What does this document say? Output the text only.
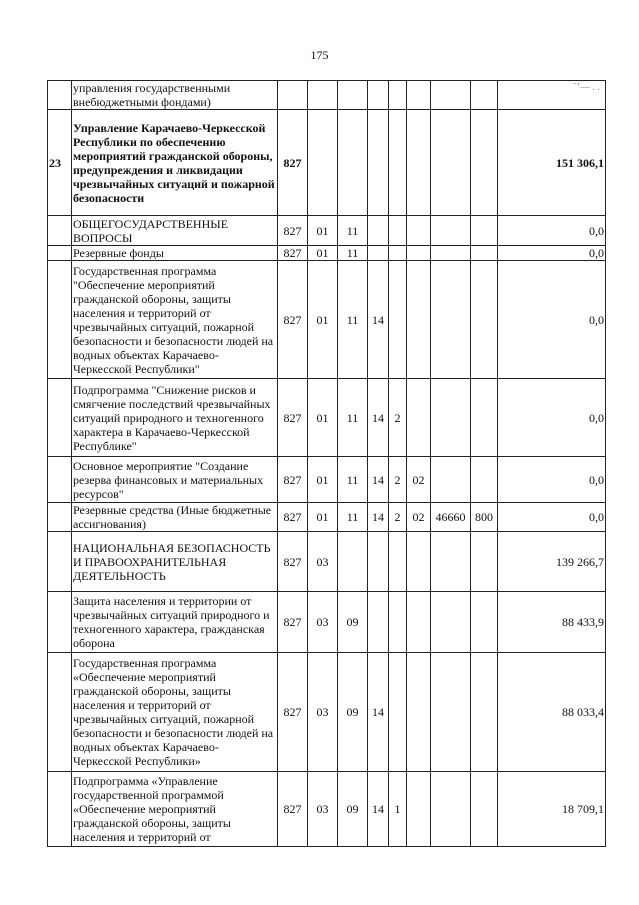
175
	управления государственными внебюджетными фондами)									˜’— . .

23	Управление Карачаево-Черкесской Республики по обеспечению мероприятий гражданской обороны, предупреждения и ликвидации чрезвычайных ситуаций и пожарной безопасности	827								151 306,1
	ОБЩЕГОСУДАРСТВЕННЫЕ ВОПРОСЫ	827	01	11						0,0
	Резервные фонды	827	01	11						0,0
	Государственная программа "Обеспечение мероприятий гражданской обороны, защиты населения и территорий от чрезвычайных ситуаций, пожарной безопасности и безопасности людей на водных объектах Карачаево-Черкесской Республики"	827	01	11	14					0,0
	Подпрограмма "Снижение рисков и смягчение последствий чрезвычайных ситуаций природного и техногенного характера в Карачаево-Черкесской Республике"	827	01	11	14	2				0,0
	Основное мероприятие "Создание резерва финансовых и материальных ресурсов"	827	01	11	14	2	02			0,0
	Резервные средства (Иные бюджетные ассигнования)	827	01	11	14	2	02	46660	800	0,0
	НАЦИОНАЛЬНАЯ БЕЗОПАСНОСТЬ И ПРАВООХРАНИТЕЛЬНАЯ ДЕЯТЕЛЬНОСТЬ	827	03							139 266,7
	Защита населения и территории от чрезвычайных ситуаций природного и техногенного характера, гражданская оборона	827	03	09						88 433,9
	Государственная программа «Обеспечение мероприятий гражданской обороны, защиты населения и территорий от чрезвычайных ситуаций, пожарной безопасности и безопасности людей на водных объектах Карачаево-Черкесской Республики»	827	03	09	14					88 033,4
	Подпрограмма «Управление государственной программой «Обеспечение мероприятий гражданской обороны, защиты населения и территорий от	827	03	09	14	1				18 709,1
